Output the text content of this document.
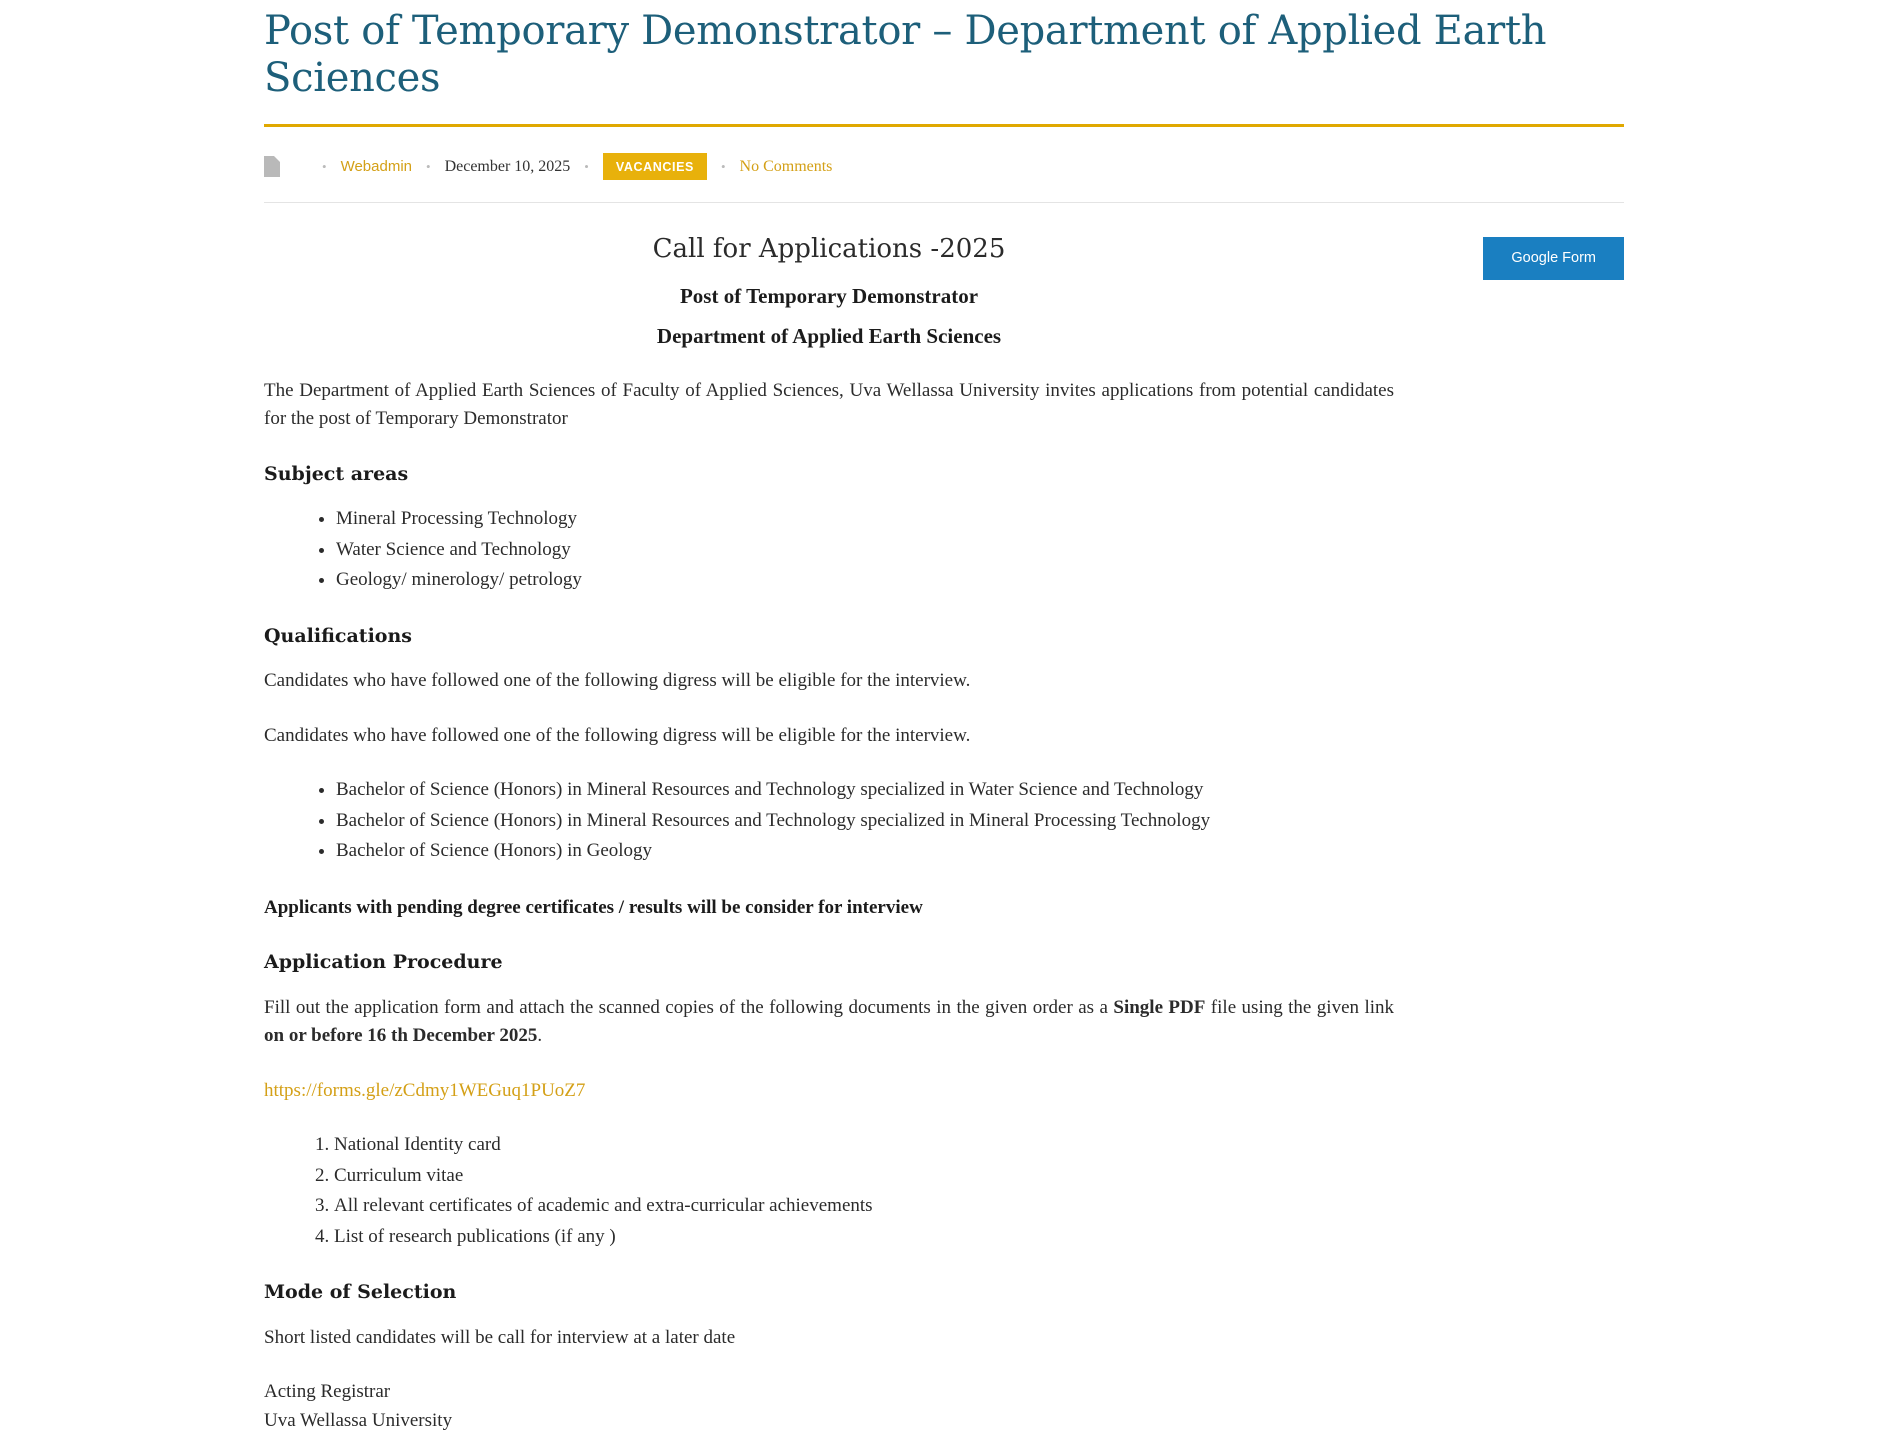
Post of Temporary Demonstrator – Department of Applied Earth Sciences
• Webadmin • December 10, 2025 •	VACANCIES	• No Comments
Google Form

Call for Applications -2025

Post of Temporary Demonstrator

Department of Applied Earth Sciences

The Department of Applied Earth Sciences of Faculty of Applied Sciences, Uva Wellassa University invites applications from potential candidates for the post of Temporary Demonstrator

Subject areas
• Mineral Processing Technology
• Water Science and Technology
• Geology/ minerology/ petrology
Qualifications

Candidates who have followed one of the following digress will be eligible for the interview.

Candidates who have followed one of the following digress will be eligible for the interview.

• Bachelor of Science (Honors) in Mineral Resources and Technology specialized in Water Science and Technology
• Bachelor of Science (Honors) in Mineral Resources and Technology specialized in Mineral Processing Technology
• Bachelor of Science (Honors) in Geology

Applicants with pending degree certificates / results will be consider for interview

Application Procedure

Fill out the application form and attach the scanned copies of the following documents in the given order as a Single PDF file using the given link on or before 16 th December 2025.

https://forms.gle/zCdmy1WEGuq1PUoZ7

1. National Identity card
2. Curriculum vitae
3. All relevant certificates of academic and extra-curricular achievements
4. List of research publications (if any )
Mode of Selection

Short listed candidates will be call for interview at a later date

Acting Registrar
Uva Wellassa University
